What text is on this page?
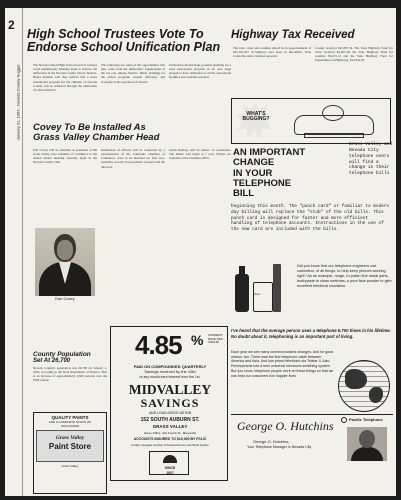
2
January 31, 1963...Nevada County Nugget
High School Trustees Vote To
Endorse School Unification Plan
The Nevada Union High School board of trustees voted unanimously Monday night to endorse the unification of the Nevada County school districts. Board member said they believe that a more educational program for the children of Nevada County will be achieved through the unification of school districts.
The following are some of the opportunities that may come from the unification: Equalization of the tax rate among districts. Better planning for the school program. Greater efficiency and economy in the operation of schools.
Unification should make possible planning for a total educational program in an area large enough to have utilization of all the educational facilities and available teachers.
Covey To Be Installed As
Grass Valley Chamber Head
Earl Covey will be installed as president of the Grass Valley Area Chamber of Commerce at the annual dinner meeting Saturday night in the Nevada County Club.
Installation of officers will be conducted by a representative of the California Chamber of Commerce. Also to be installed are first vice-president, second vice-president, treasurer and the directors.
Justin Ramsey will be master of ceremonies. The dinner will begin at 7 p.m. Tickets are available at the Chamber office.
Earl Covey
County Population
Set At 26,700
Nevada County's population was 26,700 on January 1, 1963, according to the State Department of Finance. This is an increase of approximately 4,600 persons over the 1960 census.
QUALITY PAINTS
AND A COMPLETE STOCK OF
WALLPAPER
Grass Valley
Paint Store
Grass Valley
4.85 % CURRENT RATE PER ANNUM
PAID ON COMPOUNDED QUARTERLY
Savings received by the 10th
of any month earn interest from the 1st.
MIDVALLEY
SAVINGS
AND LOAN ASSOCIATION
152 SOUTH AUBURN ST.
GRASS VALLEY
Home Office, 410 Fourth St., Marysville
ACCOUNTS INSURED TO $10,000 BY FSLIC
Locally managed member of Federal Home Loan Bank System
SINCE
1927
Highway Tax Received
The state, cities and counties shared in an apportionment of $45,505,407 in highway user taxes in December, State Controller Alan Cranston reported.
County received $20,387.32. The State Highway Fund for cities received $4,387.49, the State Highway Fund for counties $6,215.13 and the State Highway Fund for Expenditure on Highways, $14,354.93.
WHAT'S BUGGING?
AN IMPORTANT
CHANGE
IN YOUR
TELEPHONE
BILL
Grass Valley and Nevada City telephone users will find a change in their telephone bills
beginning this month. The "punch card" or familiar to modern day billing will replace the "stub" of the old bills. This punch card is designed for faster and more efficient handling of telephone accounts. Instructions in the use of the new card are included with the bills.
TALC
Did you know that our telephone engineers use cosmetics, of all things, to help keep phones working right? As an example, rouge, to polish fine metal parts, toothpaste to clean switches; a pure face powder to give excellent electrical insulation.
I've heard that the average person uses a telephone 6.700 times in his lifetime. No doubt about it, telephoning is an important part of living.
Each year we see many communications changes. And for good reason, too. There was the first telephone cable between America and Asia. And low-priced television via Telstar II. Also, Pennsylvania has a new universal electronic switching system. But you know, telephone people work on these things so that we can help our customers live happier lives.
George O. Hutchins
George O. Hutchins,
Your Telephone Manager in Nevada City
Pacific Telephone
